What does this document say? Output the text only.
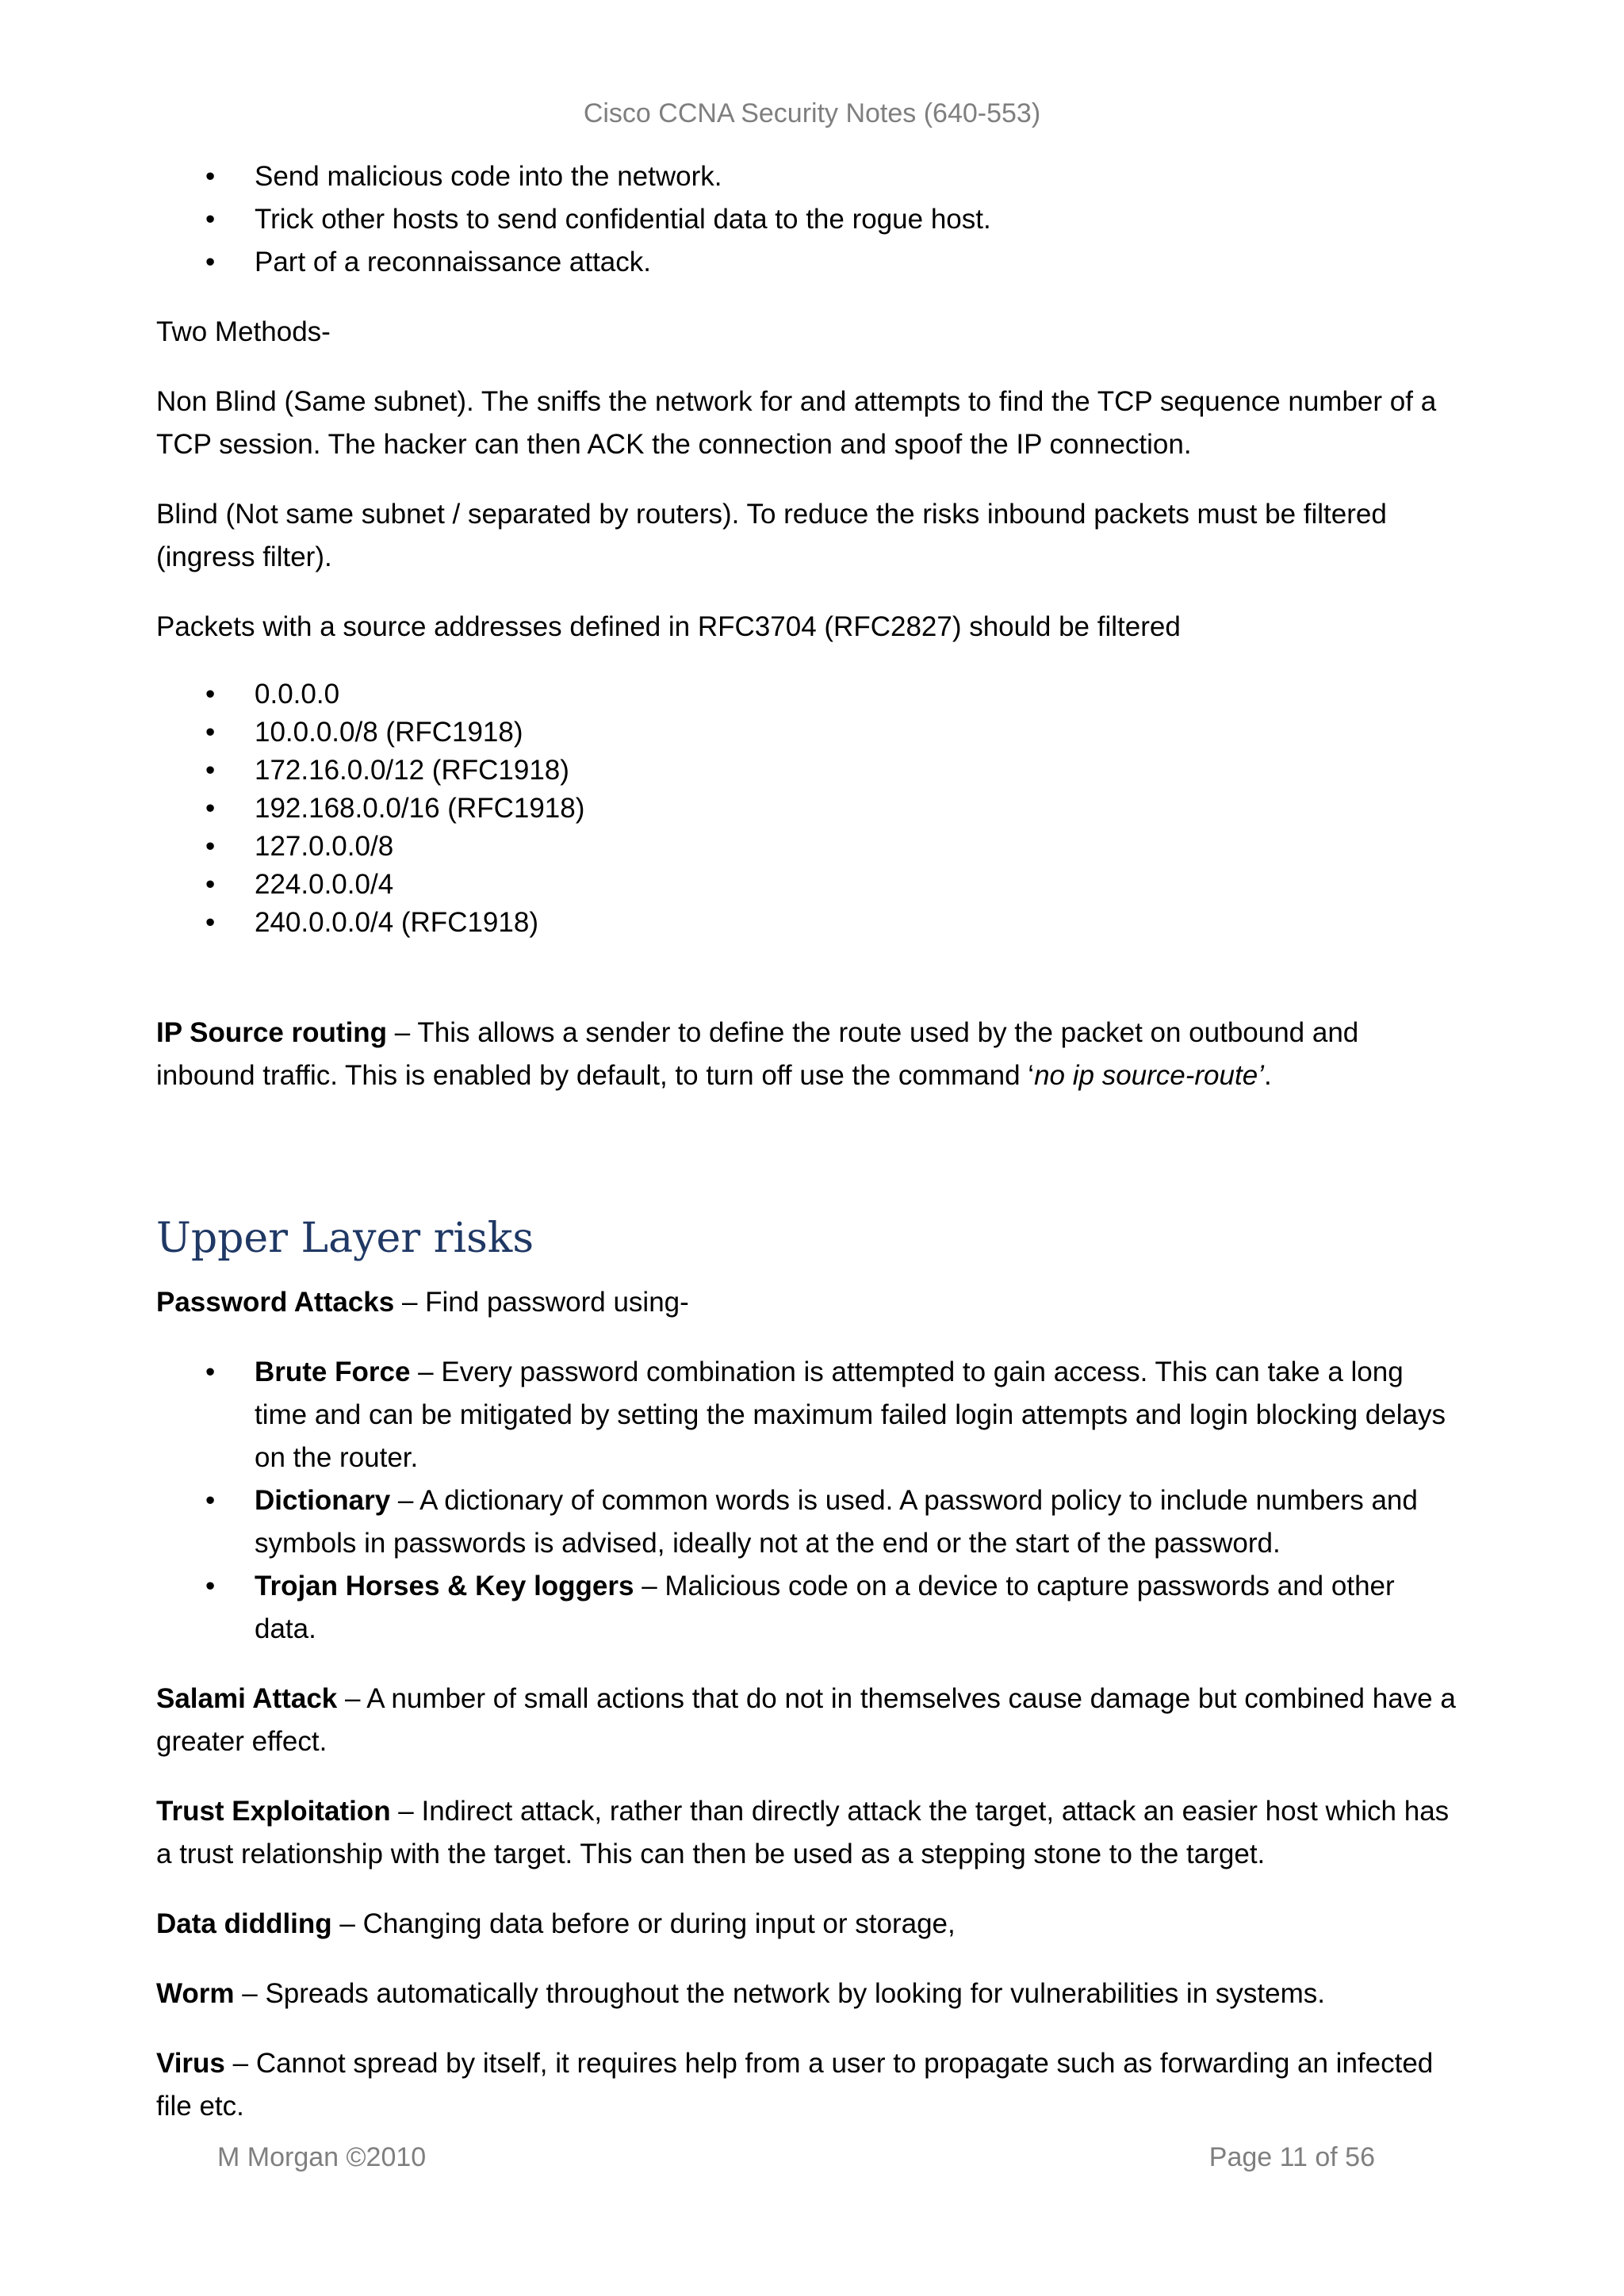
Cisco CCNA Security Notes (640-553)
• Send malicious code into the network.
• Trick other hosts to send confidential data to the rogue host.
• Part of a reconnaissance attack.

Two Methods-

Non Blind (Same subnet). The sniffs the network for and attempts to find the TCP sequence number of a TCP session. The hacker can then ACK the connection and spoof the IP connection.

Blind (Not same subnet / separated by routers). To reduce the risks inbound packets must be filtered (ingress filter).

Packets with a source addresses defined in RFC3704 (RFC2827) should be filtered

• 0.0.0.0
• 10.0.0.0/8 (RFC1918)
• 172.16.0.0/12 (RFC1918)
• 192.168.0.0/16 (RFC1918)
• 127.0.0.0/8
• 224.0.0.0/4
• 240.0.0.0/4 (RFC1918)

IP Source routing – This allows a sender to define the route used by the packet on outbound and inbound traffic. This is enabled by default, to turn off use the command ‘no ip source-route’.

Upper Layer risks

Password Attacks – Find password using-

• Brute Force – Every password combination is attempted to gain access. This can take a long time and can be mitigated by setting the maximum failed login attempts and login blocking delays on the router.
• Dictionary – A dictionary of common words is used. A password policy to include numbers and symbols in passwords is advised, ideally not at the end or the start of the password.
• Trojan Horses & Key loggers – Malicious code on a device to capture passwords and other data.

Salami Attack – A number of small actions that do not in themselves cause damage but combined have a greater effect.

Trust Exploitation – Indirect attack, rather than directly attack the target, attack an easier host which has a trust relationship with the target. This can then be used as a stepping stone to the target.

Data diddling – Changing data before or during input or storage,

Worm – Spreads automatically throughout the network by looking for vulnerabilities in systems.

Virus – Cannot spread by itself, it requires help from a user to propagate such as forwarding an infected file etc.

M Morgan ©2010	Page 11 of 56
